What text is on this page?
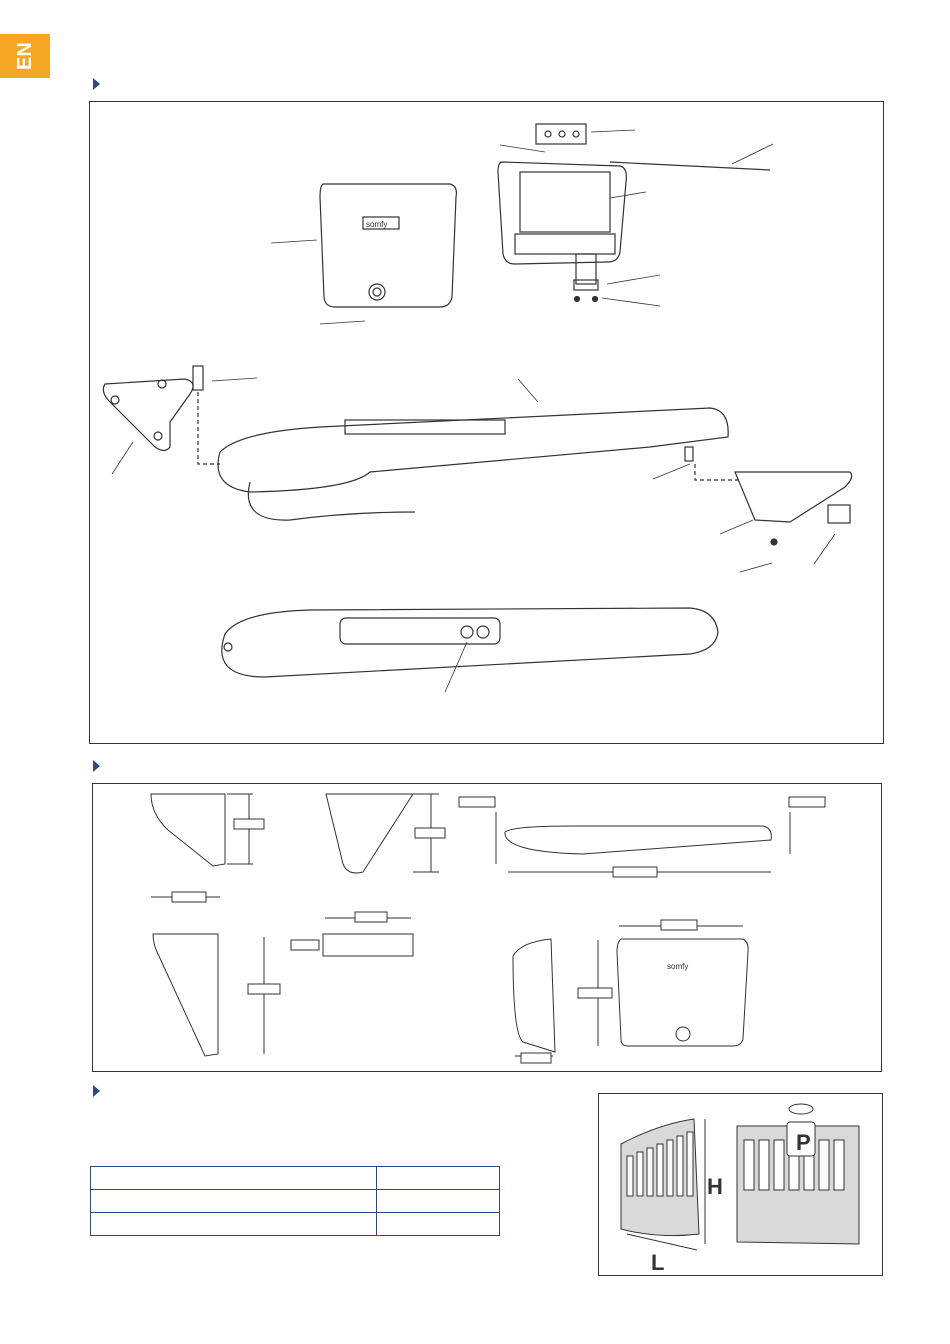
EN
somfy
somfy

P
H
L
